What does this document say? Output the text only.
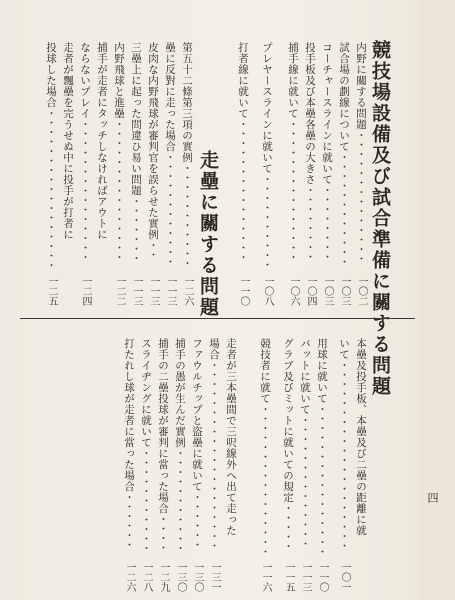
競技場設備及び試合準備に關する問題
走壘に關する問題
四
本壘及投手板、本壘及び二壘の距離に就
いて・・・・・・・・・・・・・・・・・・・・
一〇一
用球に就いて・・・・・・・・・・・・・・・・
一一〇
バットに就いて・・・・・・・・・・・・・・
一一三
グラブ及びミットに就いての規定・・・・・
一一五
競技者に就て・・・・・・・・・・・・・・・・
一一六
内野に關する問題・・・・・・・・・・・・・・
一〇二
試合場の劃線について・・・・・・・・・・・・
一〇三
コーチャースラインに就いて・・・・・・・・
一〇三
投手板及び本壘各壘の大きさ・・・・・・・・
一〇四
捕手線に就いて・・・・・・・・・・・・・・・
一〇六
プレヤースラインに就いて・・・・・・・・・・
一〇八
打者線に就いて・・・・・・・・・・・・・・・
一一〇
走者が三本壘間で三呎線外へ出て走った
場合・・・・・・・・・・・・・・・・・・・・
一三一
ファウルチップと盜壘に就いて・・・・・・
一三〇
捕手の愚が生んだ實例・・・・・・・・・・・
一三〇
捕手の二壘投球が審判に當った場合・・・・
一二九
スライヂングに就いて・・・・・・・・・・・
一二八
打たれし球が走者に當った場合・・・・・・
一二六
第五十二條第三項の實例・・・・・・・・・・・
一二六
壘に反對に走った場合・・・・・・・・・・・・
一一三
皮肉な内野飛球が審判官を誤らせた實例・・
一一三
三壘上に起った問違ひ易い問題・・・・・・・
一一三
内野飛球と進壘・・・・・・・・・・・・・・・
一二二
捕手が走者にタッチしなければアウトに
ならないプレイ・・・・・・・・・・・・・・・
一二四
走者が飄壘を完うせぬ中に投手が打者に
投球した場合・・・・・・・・・・・・・・・・・
一二五
